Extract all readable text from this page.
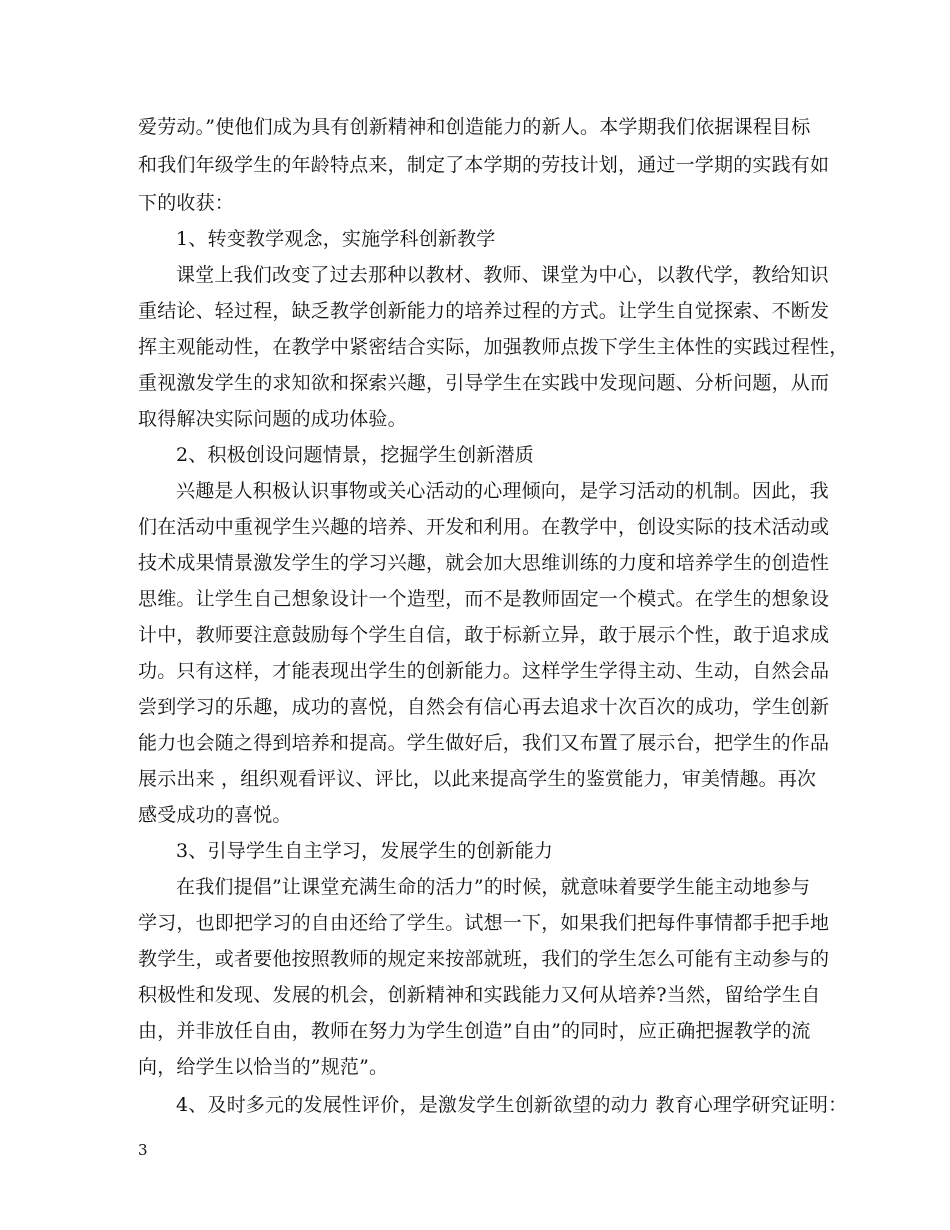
爱劳动。”使他们成为具有创新精神和创造能力的新人。本学期我们依据课程目标
和我们年级学生的年龄特点来，制定了本学期的劳技计划，通过一学期的实践有如
下的收获：
1、转变教学观念，实施学科创新教学
课堂上我们改变了过去那种以教材、教师、课堂为中心，以教代学，教给知识
重结论、轻过程，缺乏教学创新能力的培养过程的方式。让学生自觉探索、不断发
挥主观能动性，在教学中紧密结合实际，加强教师点拨下学生主体性的实践过程性，
重视激发学生的求知欲和探索兴趣，引导学生在实践中发现问题、分析问题，从而
取得解决实际问题的成功体验。
2、积极创设问题情景，挖掘学生创新潜质
兴趣是人积极认识事物或关心活动的心理倾向，是学习活动的机制。因此，我
们在活动中重视学生兴趣的培养、开发和利用。在教学中，创设实际的技术活动或
技术成果情景激发学生的学习兴趣，就会加大思维训练的力度和培养学生的创造性
思维。让学生自己想象设计一个造型，而不是教师固定一个模式。在学生的想象设
计中，教师要注意鼓励每个学生自信，敢于标新立异，敢于展示个性，敢于追求成
功。只有这样，才能表现出学生的创新能力。这样学生学得主动、生动，自然会品
尝到学习的乐趣，成功的喜悦，自然会有信心再去追求十次百次的成功，学生创新
能力也会随之得到培养和提高。学生做好后，我们又布置了展示台，把学生的作品
展示出来 ，组织观看评议、评比，以此来提高学生的鉴赏能力，审美情趣。再次
感受成功的喜悦。
3、引导学生自主学习，发展学生的创新能力
在我们提倡”让课堂充满生命的活力”的时候，就意味着要学生能主动地参与
学习，也即把学习的自由还给了学生。试想一下，如果我们把每件事情都手把手地
教学生，或者要他按照教师的规定来按部就班，我们的学生怎么可能有主动参与的
积极性和发现、发展的机会，创新精神和实践能力又何从培养?当然，留给学生自
由，并非放任自由，教师在努力为学生创造”自由”的同时，应正确把握教学的流
向，给学生以恰当的”规范”。
4、及时多元的发展性评价，是激发学生创新欲望的动力 教育心理学研究证明：
3
